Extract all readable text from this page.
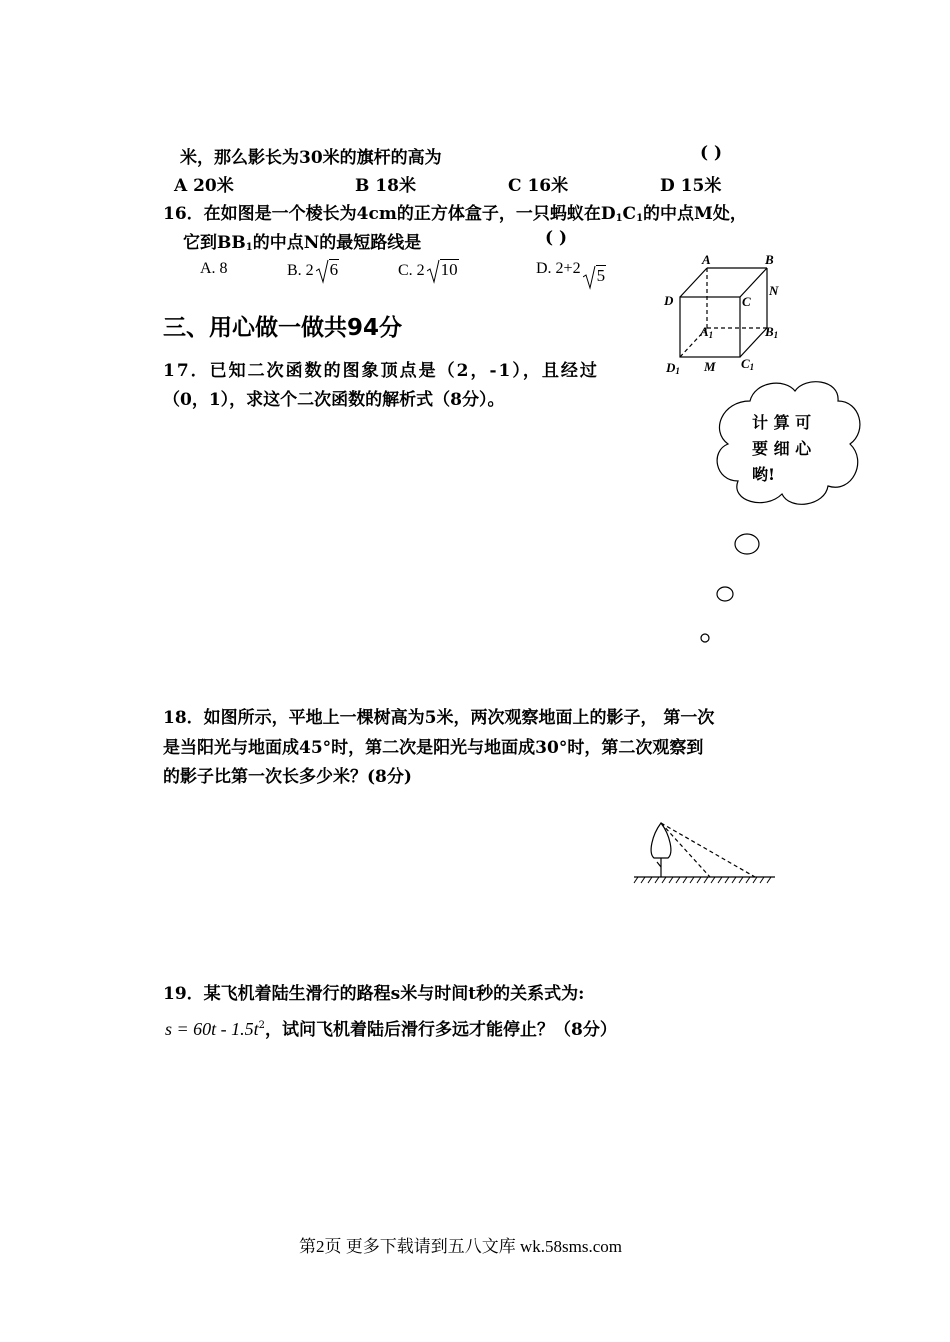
米，那么影长为30米的旗杆的高为	( )
A 20米	B 18米	C 16米	D 15米
16．在如图是一个棱长为4cm的正方体盒子，一只蚂蚁在$D_1C_1$的中点M处，
它到$BB_1$的中点N的最短路线是	( )
A. 8	B. 2 6	C. 2 10	D. 2+2 5
A	B
D	C
N
A1	B1
C1
D1 M
三、用心做一做共94分
17．已知二次函数的图象顶点是（2，-1），且经过
（0，1），求这个二次函数的解析式（8分）。
计 算 可
要 细 心
哟!
18．如图所示，平地上一棵树高为5米，两次观察地面上的影子， 第一次
是当阳光与地面成45°时，第二次是阳光与地面成30°时，第二次观察到
的影子比第一次长多少米？(8分)
19．某飞机着陆生滑行的路程s米与时间t秒的关系式为:
$s = 60t - 1.5t^2$，试问飞机着陆后滑行多远才能停止？（8分）
第2页 更多下载请到五八文库 wk.58sms.com
